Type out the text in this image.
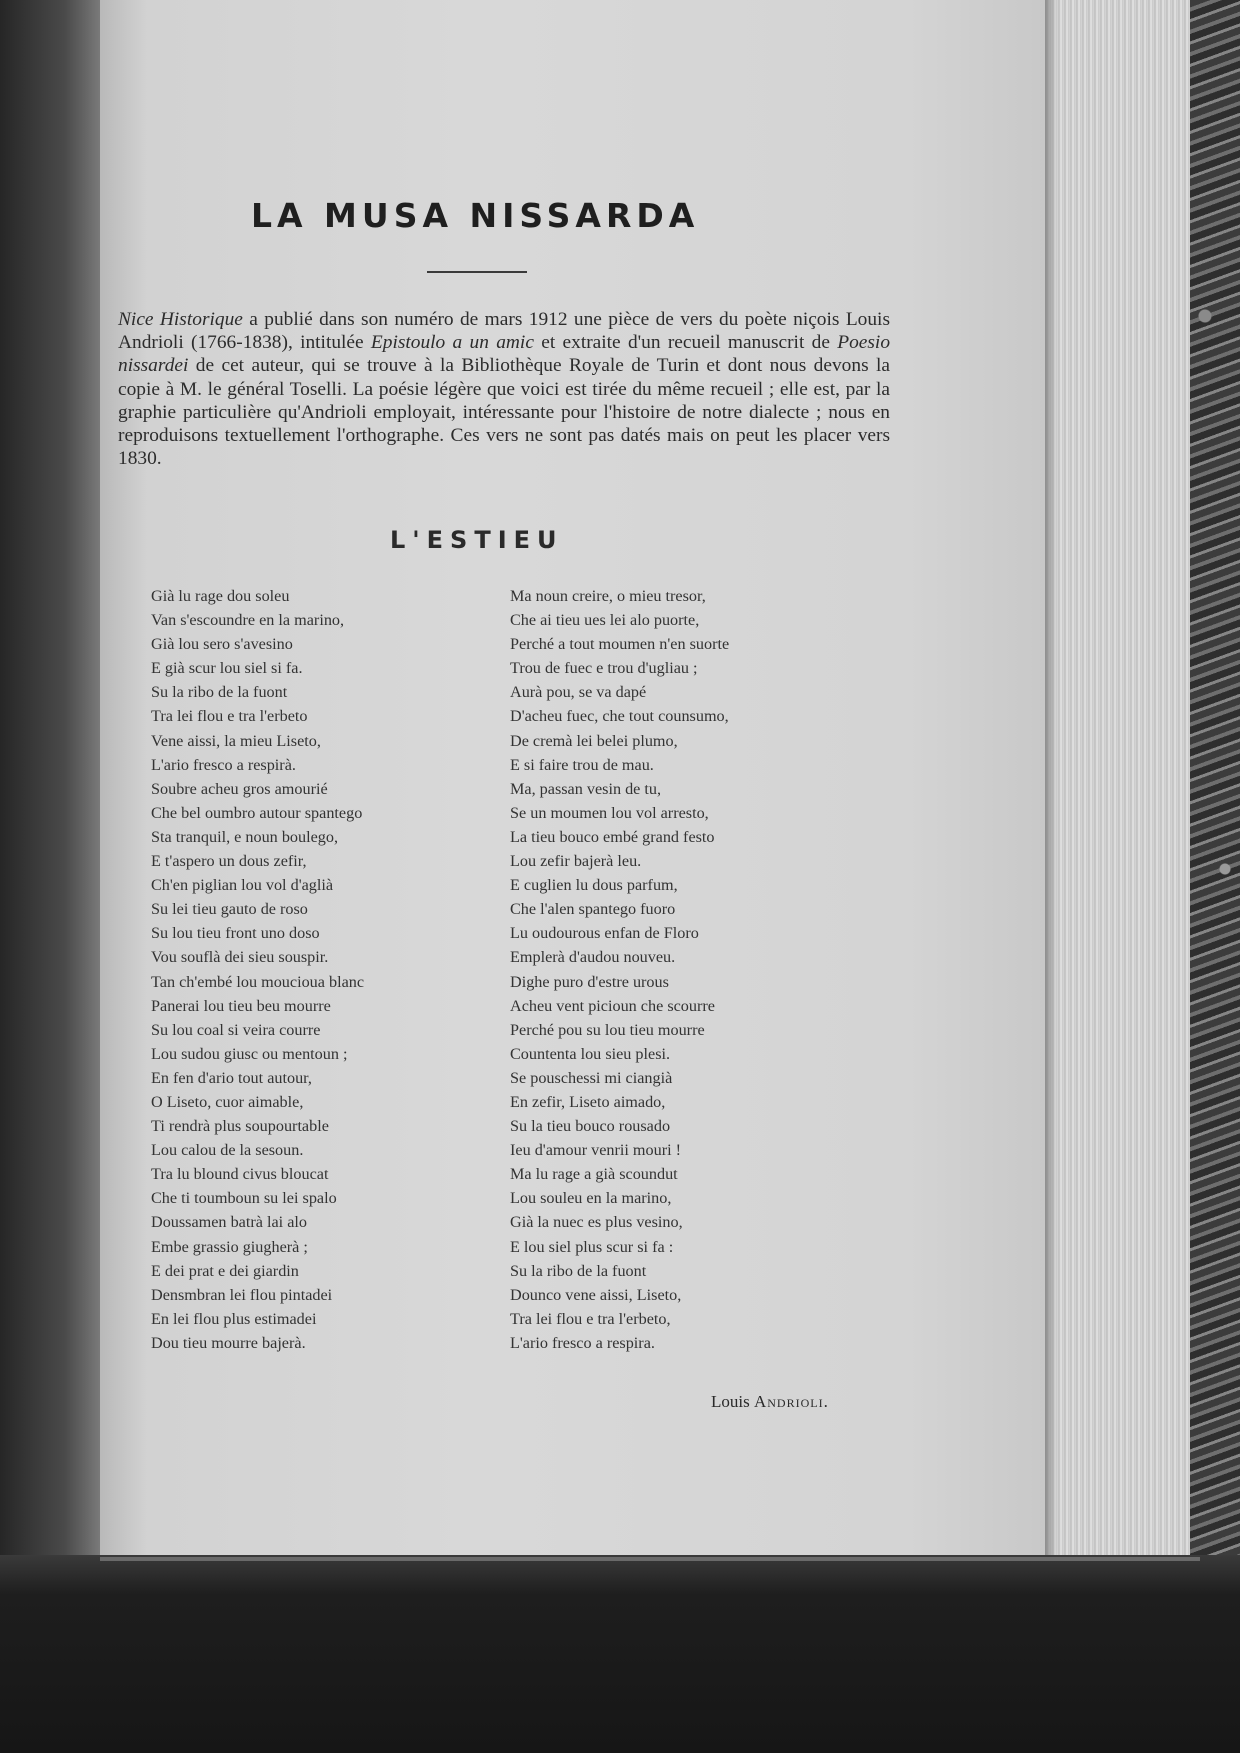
LA MUSA NISSARDA

Nice Historique a publié dans son numéro de mars 1912 une pièce de vers du poète niçois Louis Andrioli (1766-1838), intitulée Epistoulo a un amic et extraite d'un recueil manuscrit de Poesio nissardei de cet auteur, qui se trouve à la Bibliothèque Royale de Turin et dont nous devons la copie à M. le général Toselli. La poésie légère que voici est tirée du même recueil ; elle est, par la graphie particulière qu'Andrioli employait, intéressante pour l'histoire de notre dialecte ; nous en reproduisons textuellement l'orthographe. Ces vers ne sont pas datés mais on peut les placer vers 1830.

L'ESTIEU
Già lu rage dou soleu
Van s'escoundre en la marino,
Già lou sero s'avesino
E già scur lou siel si fa.
Su la ribo de la fuont
Tra lei flou e tra l'erbeto
Vene aissi, la mieu Liseto,
L'ario fresco a respirà.
Soubre acheu gros amourié
Che bel oumbro autour spantego
Sta tranquil, e noun boulego,
E t'aspero un dous zefir,
Ch'en piglian lou vol d'aglià
Su lei tieu gauto de roso
Su lou tieu front uno doso
Vou souflà dei sieu souspir.
Tan ch'embé lou moucioua blanc
Panerai lou tieu beu mourre
Su lou coal si veira courre
Lou sudou giusc ou mentoun ;
En fen d'ario tout autour,
O Liseto, cuor aimable,
Ti rendrà plus soupourtable
Lou calou de la sesoun.
Tra lu blound civus bloucat
Che ti toumboun su lei spalo
Doussamen batrà lai alo
Embe grassio giugherà ;
E dei prat e dei giardin
Densmbran lei flou pintadei
En lei flou plus estimadei
Dou tieu mourre bajerà.
Ma noun creire, o mieu tresor,
Che ai tieu ues lei alo puorte,
Perché a tout moumen n'en suorte
Trou de fuec e trou d'ugliau ;
Aurà pou, se va dapé
D'acheu fuec, che tout counsumo,
De cremà lei belei plumo,
E si faire trou de mau.
Ma, passan vesin de tu,
Se un moumen lou vol arresto,
La tieu bouco embé grand festo
Lou zefir bajerà leu.
E cuglien lu dous parfum,
Che l'alen spantego fuoro
Lu oudourous enfan de Floro
Emplerà d'audou nouveu.
Dighe puro d'estre urous
Acheu vent picioun che scourre
Perché pou su lou tieu mourre
Countenta lou sieu plesi.
Se pouschessi mi ciangià
En zefir, Liseto aimado,
Su la tieu bouco rousado
Ieu d'amour venrii mouri !
Ma lu rage a già scoundut
Lou souleu en la marino,
Già la nuec es plus vesino,
E lou siel plus scur si fa :
Su la ribo de la fuont
Dounco vene aissi, Liseto,
Tra lei flou e tra l'erbeto,
L'ario fresco a respira.

Louis Andrioli.
